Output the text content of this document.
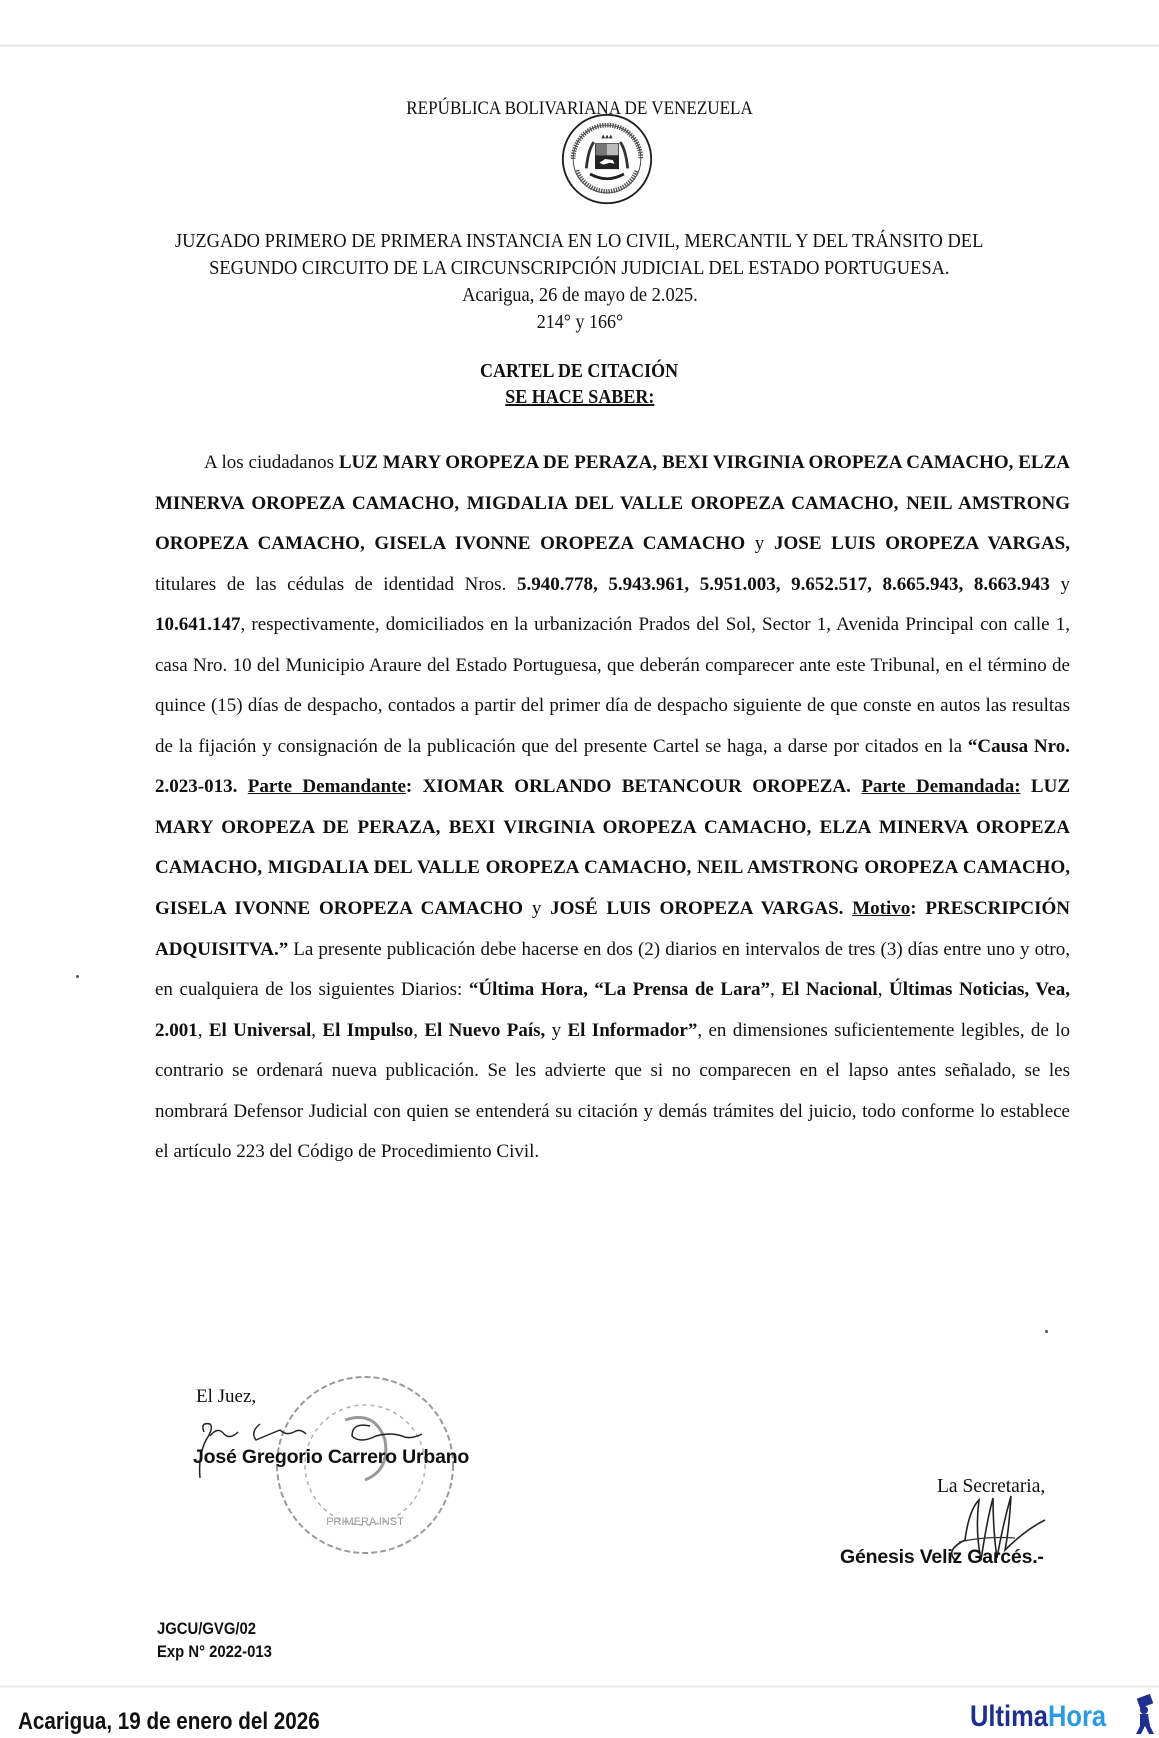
REPÚBLICA BOLIVARIANA DE VENEZUELA
JUZGADO PRIMERO DE PRIMERA INSTANCIA EN LO CIVIL, MERCANTIL Y DEL TRÁNSITO DEL
SEGUNDO CIRCUITO DE LA CIRCUNSCRIPCIÓN JUDICIAL DEL ESTADO PORTUGUESA.
Acarigua, 26 de mayo de 2.025.
214° y 166°
CARTEL DE CITACIÓN
SE HACE SABER:
A los ciudadanos LUZ MARY OROPEZA DE PERAZA, BEXI VIRGINIA OROPEZA CAMACHO, ELZA MINERVA OROPEZA CAMACHO, MIGDALIA DEL VALLE OROPEZA CAMACHO, NEIL AMSTRONG OROPEZA CAMACHO, GISELA IVONNE OROPEZA CAMACHO y JOSE LUIS OROPEZA VARGAS, titulares de las cédulas de identidad Nros. 5.940.778, 5.943.961, 5.951.003, 9.652.517, 8.665.943, 8.663.943 y 10.641.147, respectivamente, domiciliados en la urbanización Prados del Sol, Sector 1, Avenida Principal con calle 1, casa Nro. 10 del Municipio Araure del Estado Portuguesa, que deberán comparecer ante este Tribunal, en el término de quince (15) días de despacho, contados a partir del primer día de despacho siguiente de que conste en autos las resultas de la fijación y consignación de la publicación que del presente Cartel se haga, a darse por citados en la “Causa Nro. 2.023-013. Parte Demandante: XIOMAR ORLANDO BETANCOUR OROPEZA. Parte Demandada: LUZ MARY OROPEZA DE PERAZA, BEXI VIRGINIA OROPEZA CAMACHO, ELZA MINERVA OROPEZA CAMACHO, MIGDALIA DEL VALLE OROPEZA CAMACHO, NEIL AMSTRONG OROPEZA CAMACHO, GISELA IVONNE OROPEZA CAMACHO y JOSÉ LUIS OROPEZA VARGAS. Motivo: PRESCRIPCIÓN ADQUISITVA.” La presente publicación debe hacerse en dos (2) diarios en intervalos de tres (3) días entre uno y otro, en cualquiera de los siguientes Diarios: “Última Hora, “La Prensa de Lara”, El Nacional, Últimas Noticias, Vea, 2.001, El Universal, El Impulso, El Nuevo País, y El Informador”, en dimensiones suficientemente legibles, de lo contrario se ordenará nueva publicación. Se les advierte que si no comparecen en el lapso antes señalado, se les nombrará Defensor Judicial con quien se entenderá su citación y demás trámites del juicio, todo conforme lo establece el artículo 223 del Código de Procedimiento Civil.
PRIMERA INST
El Juez,
José Gregorio Carrero Urbano
La Secretaria,
Génesis Veliz Garcés.-
JGCU/GVG/02
Exp N° 2022-013
Acarigua, 19 de enero del 2026	UltimaHora
